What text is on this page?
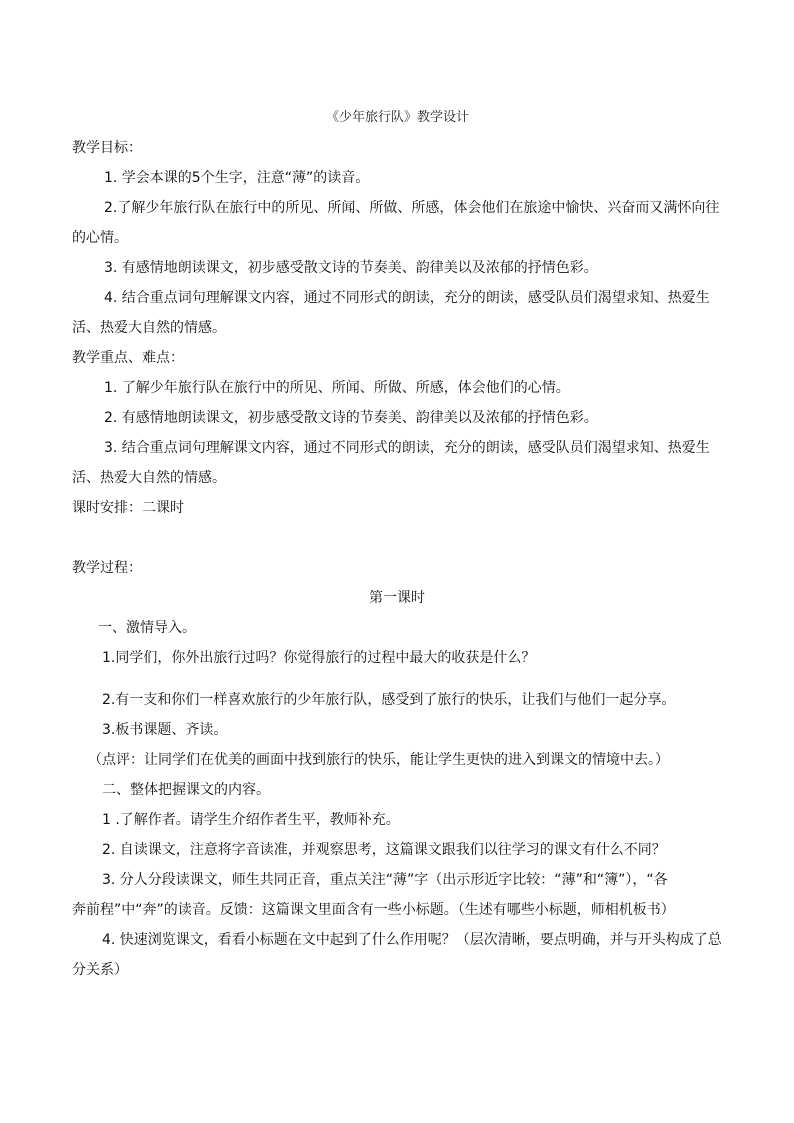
《少年旅行队》教学设计
教学目标：
1. 学会本课的5个生字，注意“薄”的读音。
2.了解少年旅行队在旅行中的所见、所闻、所做、所感，体会他们在旅途中愉快、兴奋而又满怀向往
的心情。
3. 有感情地朗读课文，初步感受散文诗的节奏美、韵律美以及浓郁的抒情色彩。
4. 结合重点词句理解课文内容，通过不同形式的朗读，充分的朗读，感受队员们渴望求知、热爱生
活、热爱大自然的情感。
教学重点、难点：
1. 了解少年旅行队在旅行中的所见、所闻、所做、所感，体会他们的心情。
2. 有感情地朗读课文，初步感受散文诗的节奏美、韵律美以及浓郁的抒情色彩。
3. 结合重点词句理解课文内容，通过不同形式的朗读，充分的朗读，感受队员们渴望求知、热爱生
活、热爱大自然的情感。
课时安排：二课时
教学过程：
第一课时
一、激情导入。
1.同学们，你外出旅行过吗？你觉得旅行的过程中最大的收获是什么？
2.有一支和你们一样喜欢旅行的少年旅行队，感受到了旅行的快乐，让我们与他们一起分享。
3.板书课题、齐读。
（点评：让同学们在优美的画面中找到旅行的快乐，能让学生更快的进入到课文的情境中去。）
二、整体把握课文的内容。
1 .了解作者。请学生介绍作者生平，教师补充。
2. 自读课文，注意将字音读准，并观察思考，这篇课文跟我们以往学习的课文有什么不同？
3. 分人分段读课文，师生共同正音，重点关注“薄”字（出示形近字比较：“薄”和“簿”），“各
奔前程”中“奔”的读音。反馈：这篇课文里面含有一些小标题。（生述有哪些小标题，师相机板书）
4. 快速浏览课文，看看小标题在文中起到了什么作用呢？（层次清晰，要点明确，并与开头构成了总
分关系）
